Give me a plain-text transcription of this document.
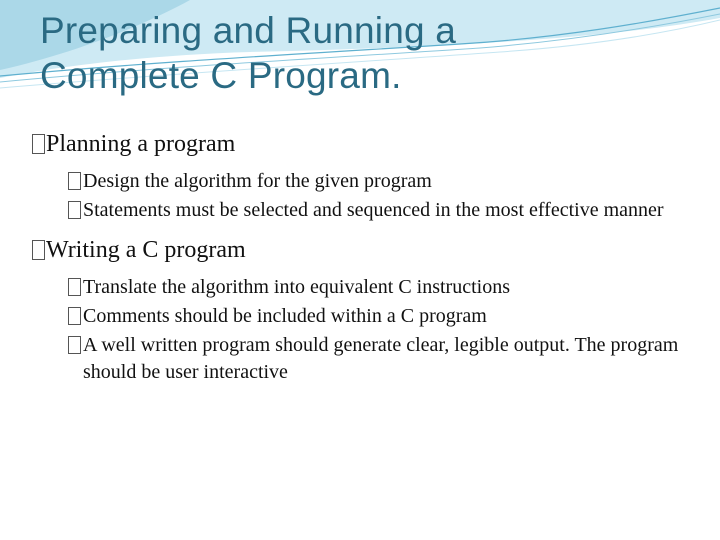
Preparing and Running a
Complete C Program.
Planning a program
Design the algorithm for the given program
Statements must be selected and sequenced in the most effective manner
Writing a C program
Translate the algorithm into equivalent C instructions
Comments should be included within a C program
A well written program should generate clear, legible output. The program should be user interactive
